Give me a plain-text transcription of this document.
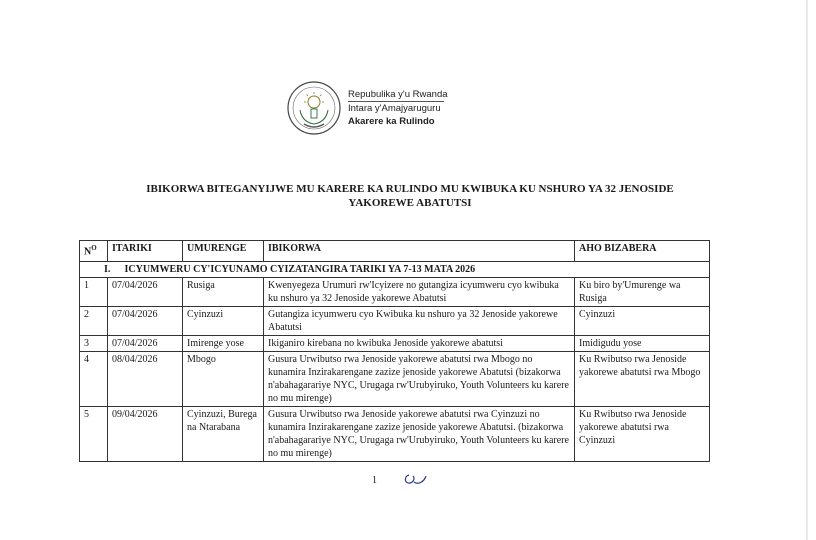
Repubulika y'u Rwanda
Intara y'Amajyaruguru
Akarere ka Rulindo
IBIKORWA BITEGANYIJWE MU KARERE KA RULINDO MU KWIBUKA KU NSHURO YA 32 JENOSIDE
YAKOREWE ABATUTSI
$N^O$	ITARIKI	UMURENGE	IBIKORWA	AHO BIZABERA
I. ICYUMWERU CY'ICYUNAMO CYIZATANGIRA TARIKI YA 7-13 MATA 2026				
1	07/04/2026	Rusiga	Kwenyegeza Urumuri rw'Icyizere no gutangiza icyumweru cyo kwibuka ku nshuro ya 32 Jenoside yakorewe Abatutsi	Ku biro by'Umurenge wa Rusiga
2	07/04/2026	Cyinzuzi	Gutangiza icyumweru cyo Kwibuka ku nshuro ya 32 Jenoside yakorewe Abatutsi	Cyinzuzi
3	07/04/2026	Imirenge yose	Ikiganiro kirebana no kwibuka Jenoside yakorewe abatutsi	Imidigudu yose
4	08/04/2026	Mbogo	Gusura Urwibutso rwa Jenoside yakorewe abatutsi rwa Mbogo no kunamira Inzirakarengane zazize jenoside yakorewe Abatutsi (bizakorwa n'abahagarariye NYC, Urugaga rw'Urubyiruko, Youth Volunteers ku karere no mu mirenge)	Ku Rwibutso rwa Jenoside yakorewe abatutsi rwa Mbogo
5	09/04/2026	Cyinzuzi, Burega na Ntarabana	Gusura Urwibutso rwa Jenoside yakorewe abatutsi rwa Cyinzuzi no kunamira Inzirakarengane zazize jenoside yakorewe Abatutsi. (bizakorwa n'abahagarariye NYC, Urugaga rw'Urubyiruko, Youth Volunteers ku karere no mu mirenge)	Ku Rwibutso rwa Jenoside yakorewe abatutsi rwa Cyinzuzi
1
